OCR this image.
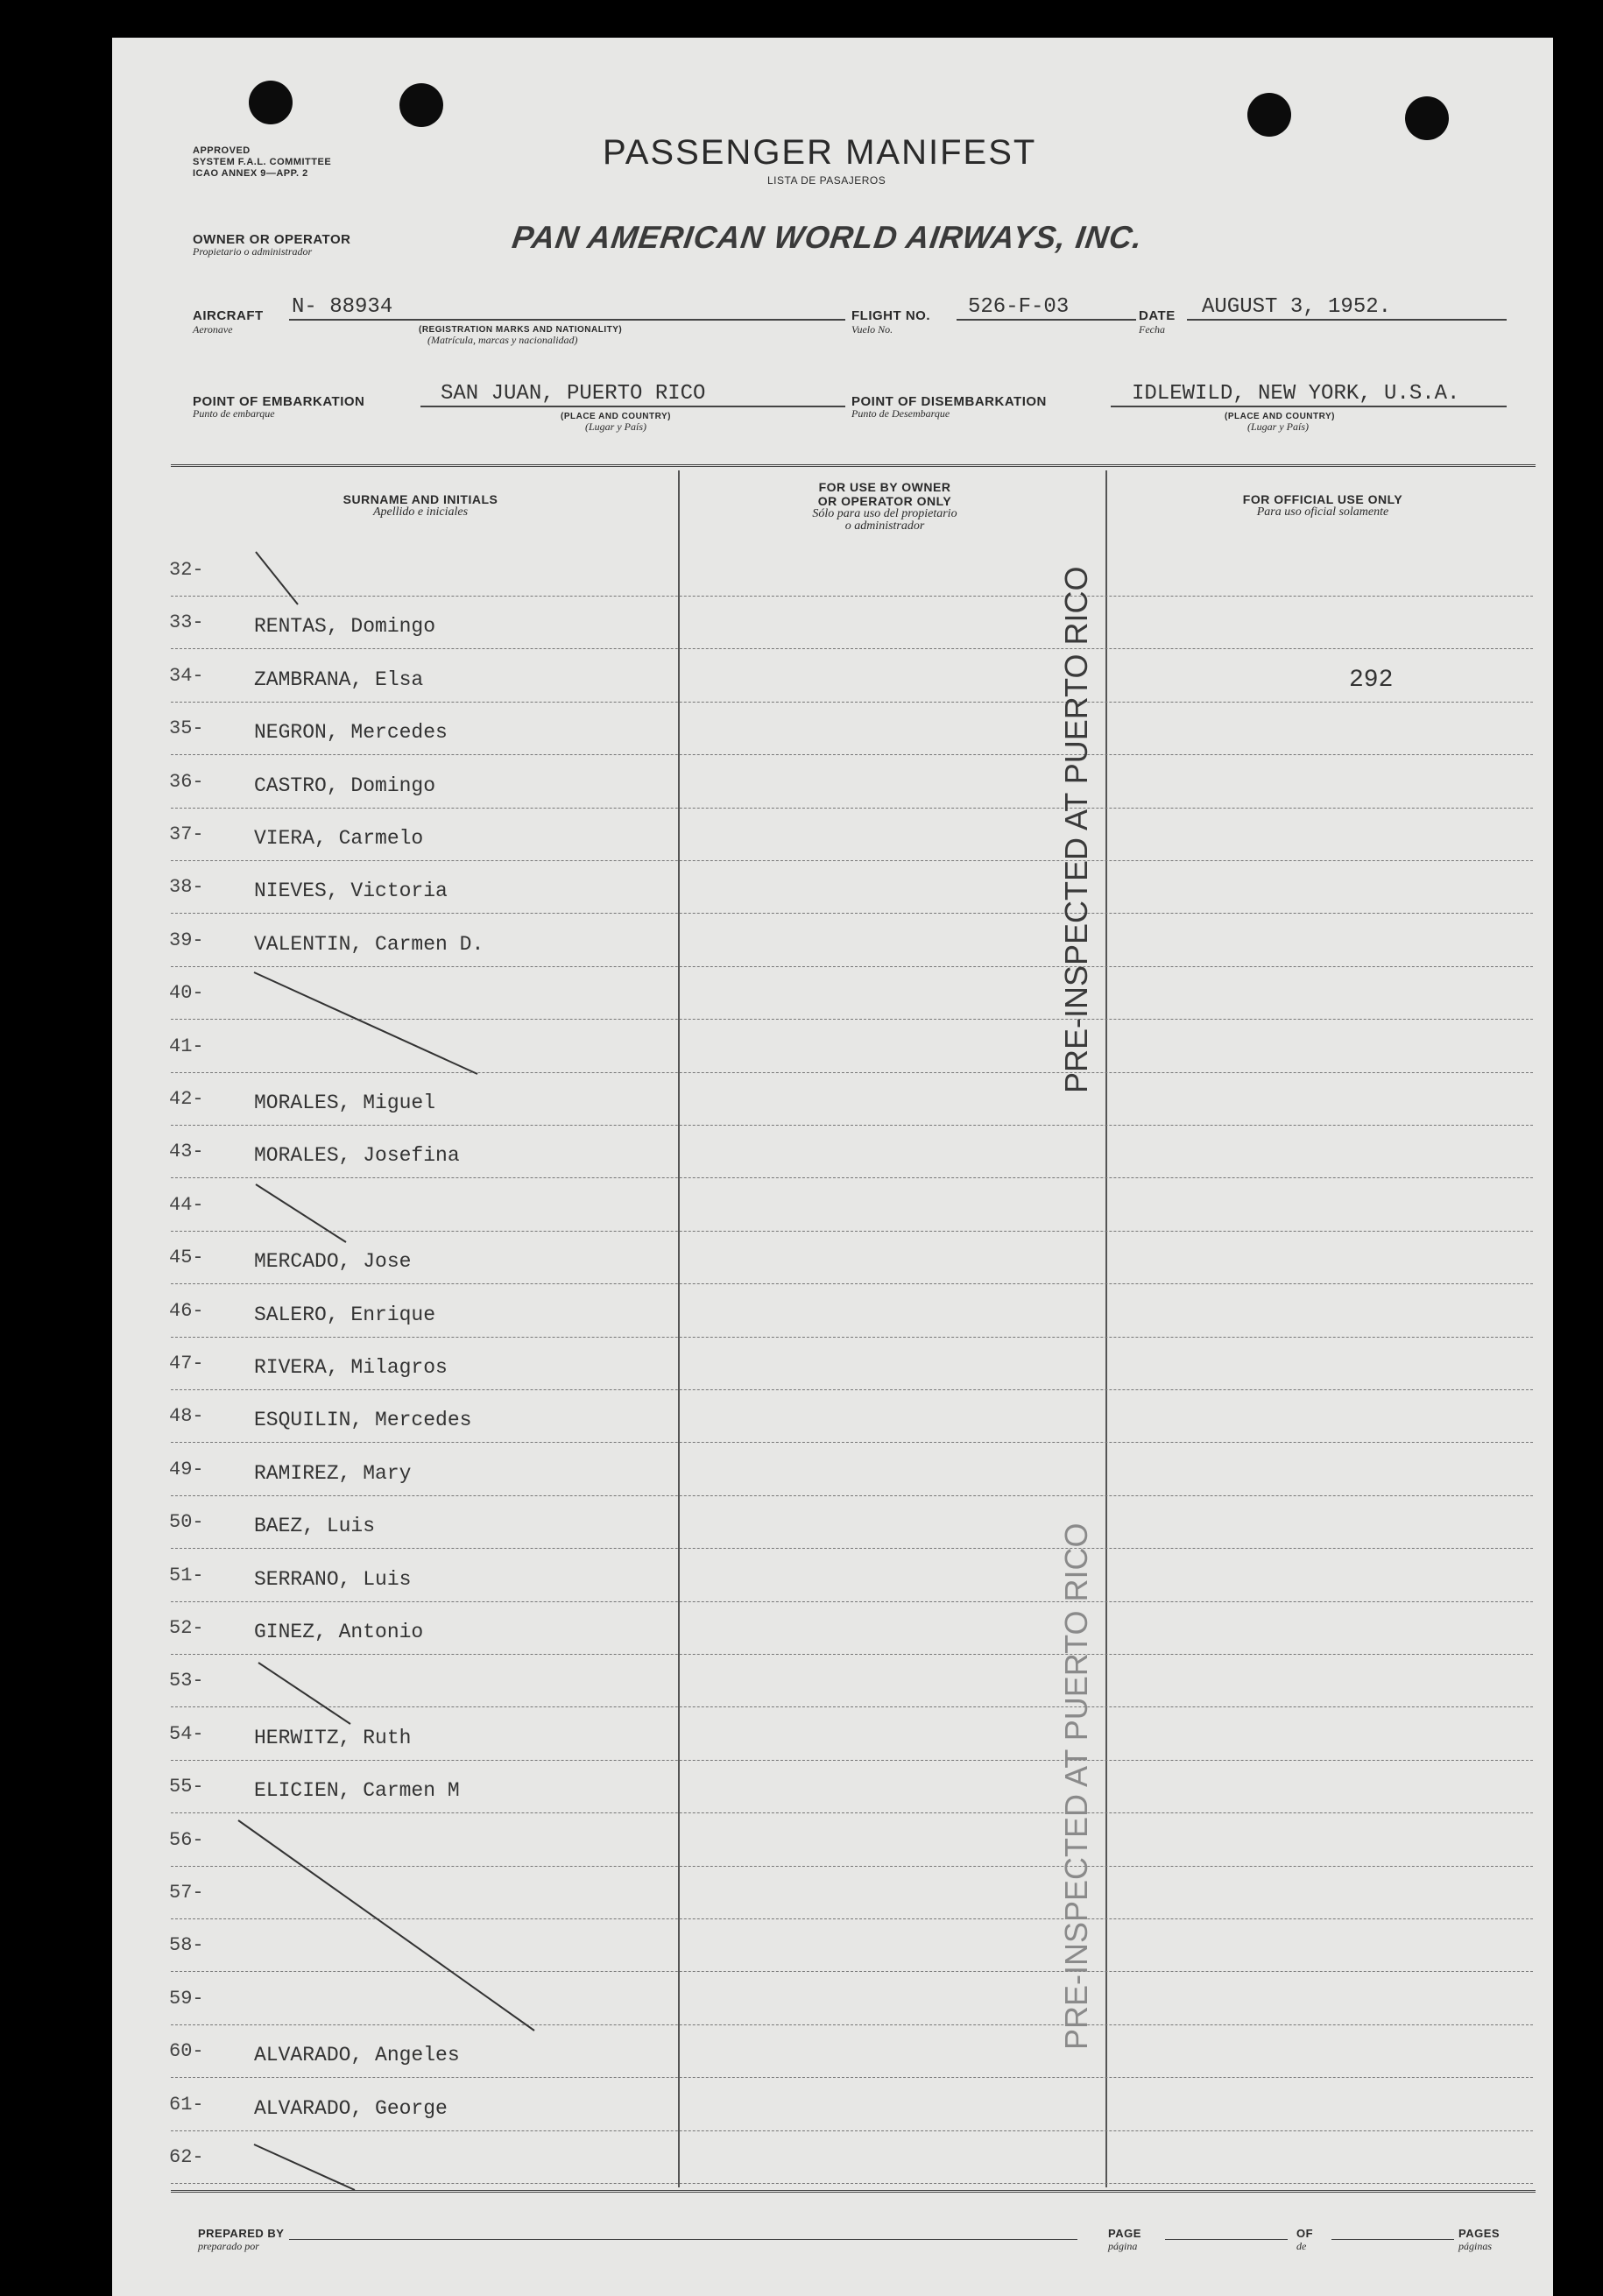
APPROVED
SYSTEM F.A.L. COMMITTEE
ICAO ANNEX 9—APP. 2
PASSENGER MANIFEST
LISTA DE PASAJEROS
OWNER OR OPERATOR
Propietario o administrador	PAN AMERICAN WORLD AIRWAYS, INC.
AIRCRAFT
Aeronave
N- 88934
(REGISTRATION MARKS AND NATIONALITY)
(Matrícula, marcas y nacionalidad)
FLIGHT NO.
Vuelo No.
526-F-03	DATE
Fecha
AUGUST 3, 1952.
POINT OF EMBARKATION
Punto de embarque
SAN JUAN, PUERTO RICO
(PLACE AND COUNTRY)
(Lugar y País)
POINT OF DISEMBARKATION
Punto de Desembarque
IDLEWILD, NEW YORK, U.S.A.
(PLACE AND COUNTRY)
(Lugar y País)
SURNAME AND INITIALS
Apellido e iniciales
FOR USE BY OWNER
OR OPERATOR ONLY
Sólo para uso del propietario
o administrador
FOR OFFICIAL USE ONLY
Para uso oficial solamente
32-
33- RENTAS, Domingo
34- ZAMBRANA, Elsa	292
35- NEGRON, Mercedes
36- CASTRO, Domingo
37- VIERA, Carmelo
38- NIEVES, Victoria
39- VALENTIN, Carmen D.
40-
41-
42- MORALES, Miguel
43- MORALES, Josefina
44-
45- MERCADO, Jose
46- SALERO, Enrique
47- RIVERA, Milagros
48- ESQUILIN, Mercedes
49- RAMIREZ, Mary
50- BAEZ, Luis
51- SERRANO, Luis
52- GINEZ, Antonio
53-
54- HERWITZ, Ruth
55- ELICIEN, Carmen M
56-
57-
58-
59-
60- ALVARADO, Angeles
61- ALVARADO, George
62-
PRE-INSPECTED AT PUERTO RICO
PRE-INSPECTED AT PUERTO RICO
PREPARED BY
preparado por
PAGE
página
OF
de
PAGES
páginas
